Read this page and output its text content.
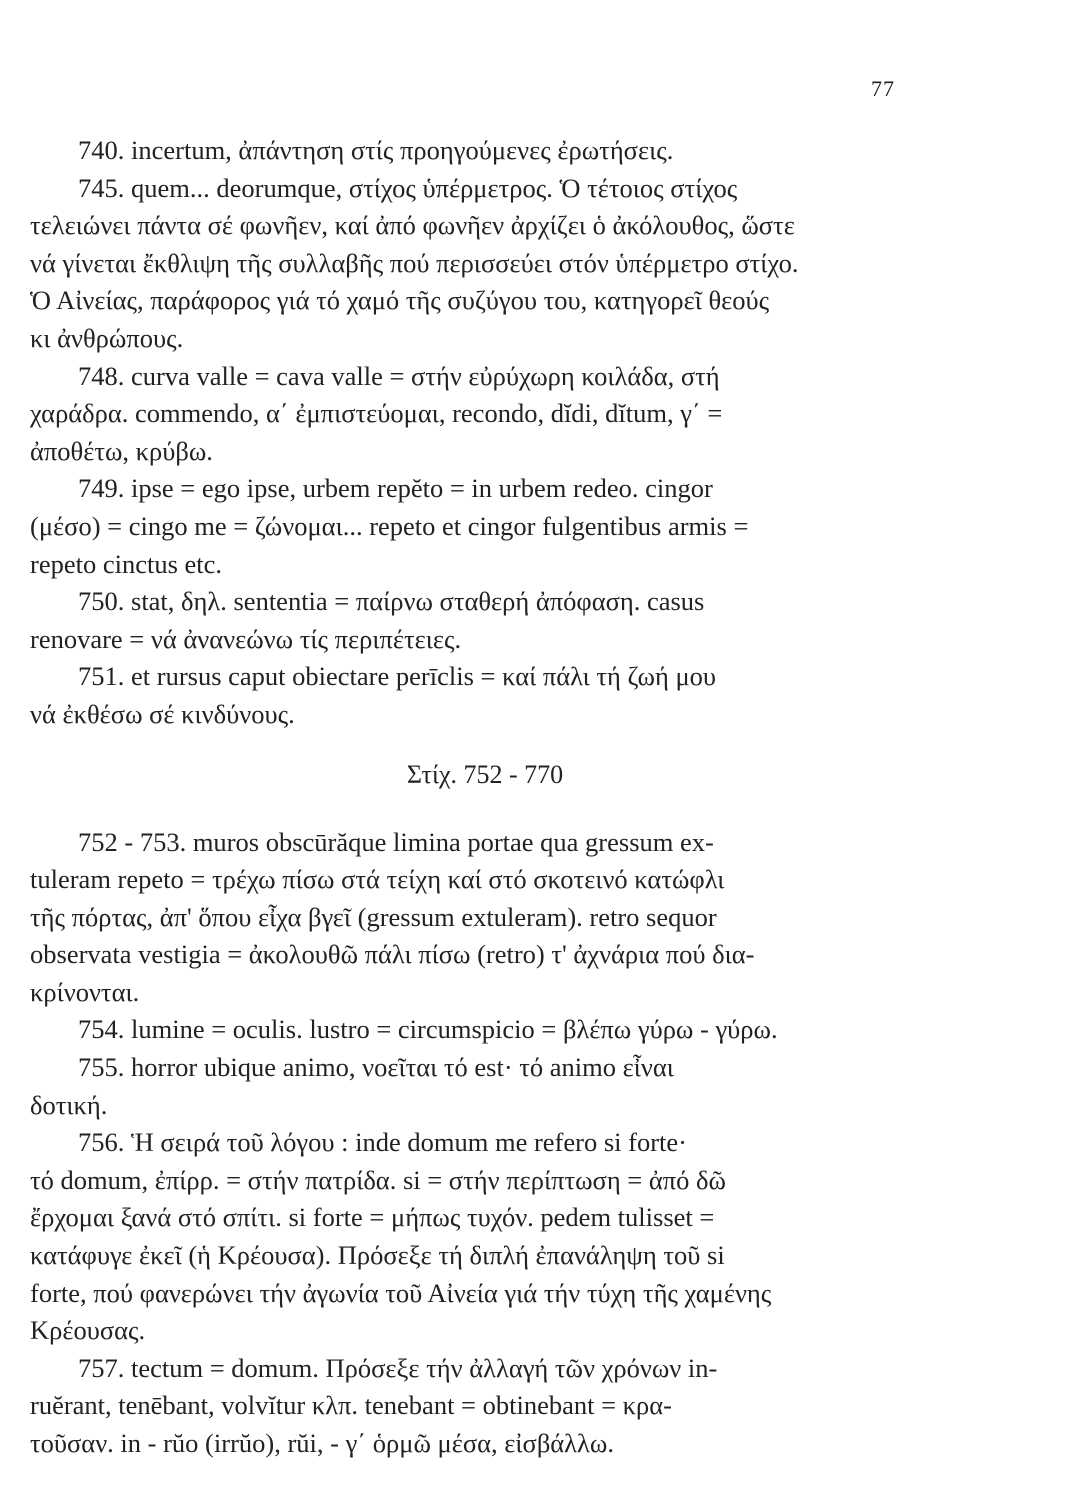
77

740. incertum, ἀπάντηση στίς προηγούμενες ἐρωτήσεις.

745. quem... deorumque, στίχος ὑπέρμετρος. Ὁ τέτοιος στίχος
τελειώνει πάντα σέ φωνῆεν, καί ἀπό φωνῆεν ἀρχίζει ὁ ἀκόλουθος, ὥστε
νά γίνεται ἔκθλιψη τῆς συλλαβῆς πού περισσεύει στόν ὑπέρμετρο στίχο.
Ὁ Αἰνείας, παράφορος γιά τό χαμό τῆς συζύγου του, κατηγορεῖ θεούς
κι ἀνθρώπους.

748. curva valle = cava valle = στήν εὐρύχωρη κοιλάδα, στή
χαράδρα. commendo, α΄ ἐμπιστεύομαι, recondo, dĭdi, dĭtum, γ΄ =
ἀποθέτω, κρύβω.

749. ipse = ego ipse, urbem repĕto = in urbem redeo. cingor
(μέσο) = cingo me = ζώνομαι... repeto et cingor fulgentibus armis =
repeto cinctus etc.

750. stat, δηλ. sententia = παίρνω σταθερή ἀπόφαση. casus
renovare = νά ἀνανεώνω τίς περιπέτειες.

751. et rursus caput obiectare perīclis = καί πάλι τή ζωή μου
νά ἐκθέσω σέ κινδύνους.

Στίχ. 752 - 770

752 - 753. muros obscūrăque limina portae qua gressum ex-
tuleram repeto = τρέχω πίσω στά τείχη καί στό σκοτεινό κατώφλι
τῆς πόρτας, ἀπ' ὅπου εἶχα βγεῖ (gressum extuleram). retro sequor
observata vestigia = ἀκολουθῶ πάλι πίσω (retro) τ' ἀχνάρια πού δια-
κρίνονται.

754. lumine = oculis. lustro = circumspicio = βλέπω γύρω - γύρω.

755. horror ubique animo, νοεῖται τό est· τό animo εἶναι
δοτική.

756. Ἡ σειρά τοῦ λόγου : inde domum me refero si forte·
τό domum, ἐπίρρ. = στήν πατρίδα. si = στήν περίπτωση = ἀπό δῶ
ἔρχομαι ξανά στό σπίτι. si forte = μήπως τυχόν. pedem tulisset =
κατάφυγε ἐκεῖ (ἡ Κρέουσα). Πρόσεξε τή διπλή ἐπανάληψη τοῦ si
forte, πού φανερώνει τήν ἀγωνία τοῦ Αἰνεία γιά τήν τύχη τῆς χαμένης
Κρέουσας.

757. tectum = domum. Πρόσεξε τήν ἀλλαγή τῶν χρόνων in-
ruĕrant, tenēbant, volvĭtur κλπ. tenebant = obtinebant = κρα-
τοῦσαν. in - rŭo (irrŭo), rŭi, - γ΄ ὁρμῶ μέσα, εἰσβάλλω.
